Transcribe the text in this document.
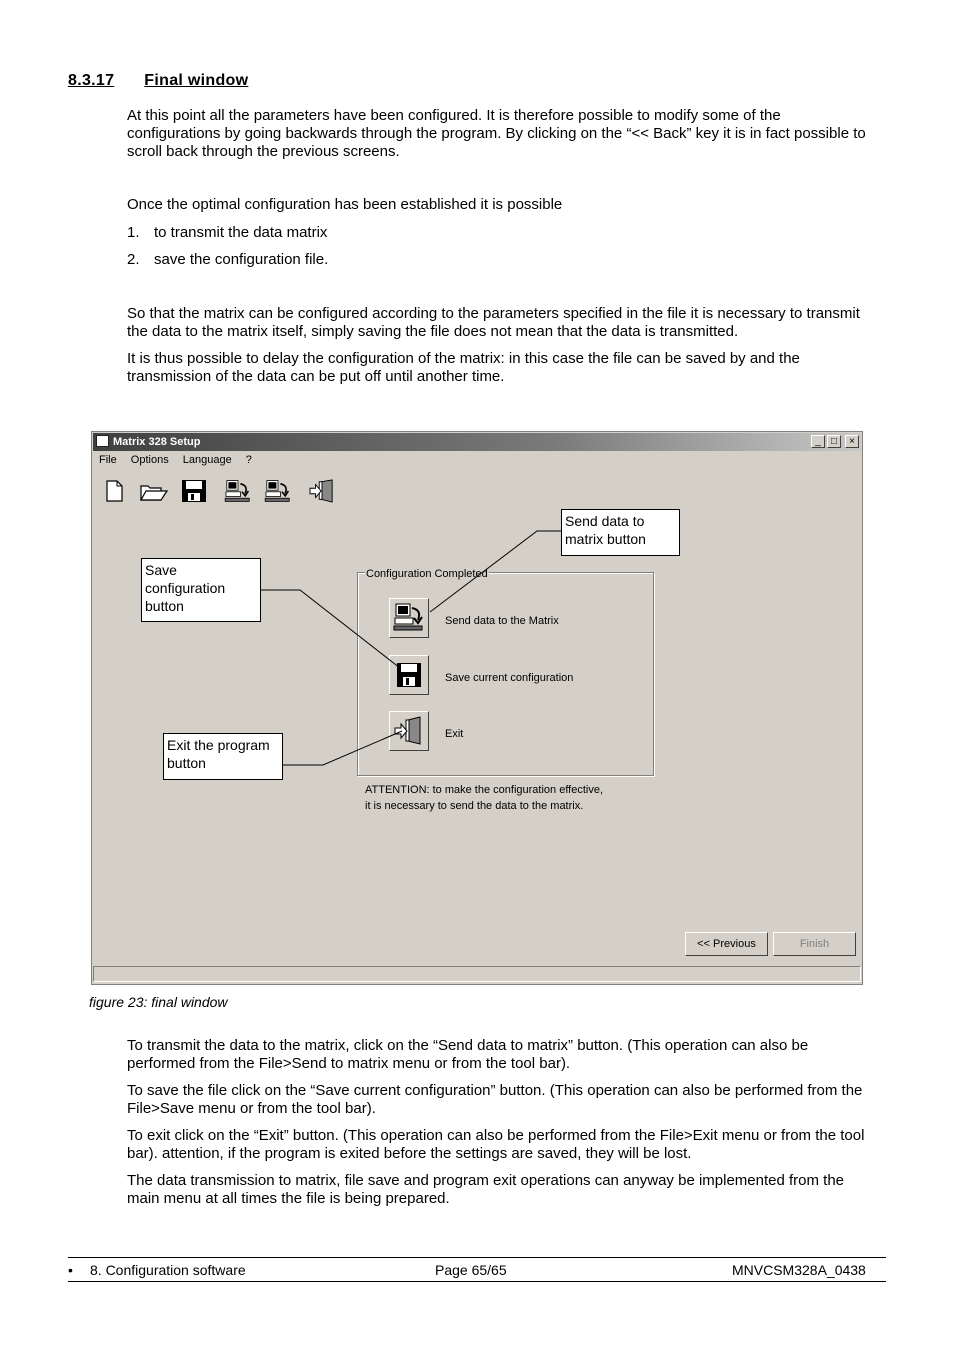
8.3.17 Final window
At this point all the parameters have been configured. It is therefore possible to modify some of the configurations by going backwards through the program. By clicking on the “<< Back” key it is in fact possible to scroll back through the previous screens.
Once the optimal configuration has been established it is possible
1. to transmit the data matrix
2. save the configuration file.
So that the matrix can be configured according to the parameters specified in the file it is necessary to transmit the data to the matrix itself, simply saving the file does not mean that the data is transmitted.
It is thus possible to delay the configuration of the matrix: in this case the file can be saved by and the transmission of the data can be put off until another time.
Matrix 328 Setup	_	□	×
File Options Language ?
Configuration Completed
Send data to the Matrix
Save current configuration
Exit
ATTENTION: to make the configuration effective,
it is necessary to send the data to the matrix.
<< Previous	Finish
Send data to matrix button
Save configuration button
Exit the program button
figure 23: final window
To transmit the data to the matrix, click on the “Send data to matrix” button. (This operation can also be performed from the File>Send to matrix menu or from the tool bar).
To save the file click on the “Save current configuration” button. (This operation can also be performed from the File>Save menu or from the tool bar).
To exit click on the “Exit” button. (This operation can also be performed from the File>Exit menu or from the tool bar). attention, if the program is exited before the settings are saved, they will be lost.
The data transmission to matrix, file save and program exit operations can anyway be implemented from the main menu at all times the file is being prepared.
• 8. Configuration software	Page 65/65	MNVCSM328A_0438
